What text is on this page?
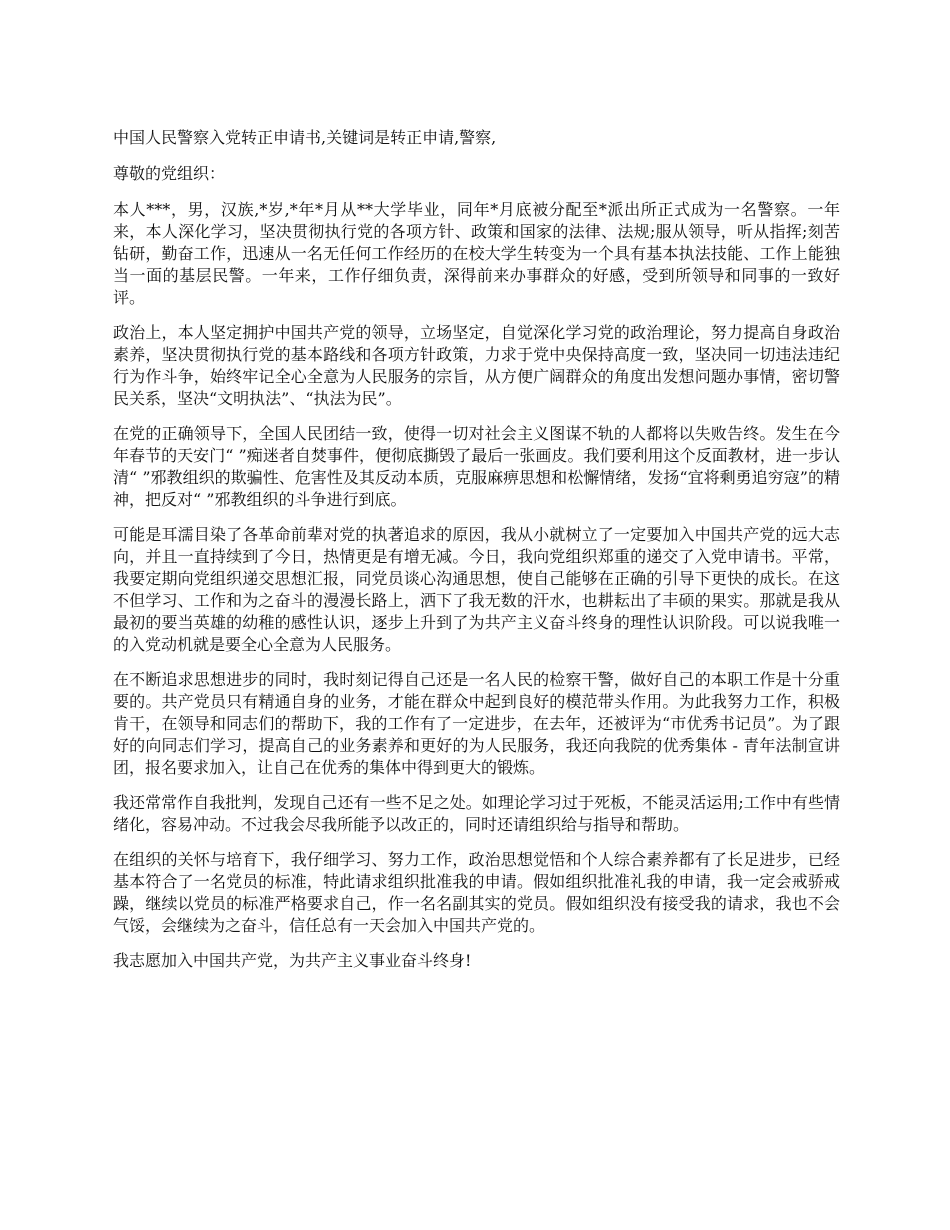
中国人民警察入党转正申请书,关键词是转正申请,警察,

尊敬的党组织：

本人***，男，汉族,*岁,*年*月从**大学毕业，同年*月底被分配至*派出所正式成为一名警察。一年来，本人深化学习，坚决贯彻执行党的各项方针、政策和国家的法律、法规;服从领导，听从指挥;刻苦钻研，勤奋工作，迅速从一名无任何工作经历的在校大学生转变为一个具有基本执法技能、工作上能独当一面的基层民警。一年来，工作仔细负责，深得前来办事群众的好感，受到所领导和同事的一致好评。

政治上，本人坚定拥护中国共产党的领导，立场坚定，自觉深化学习党的政治理论，努力提高自身政治素养，坚决贯彻执行党的基本路线和各项方针政策，力求于党中央保持高度一致，坚决同一切违法违纪行为作斗争，始终牢记全心全意为人民服务的宗旨，从方便广阔群众的角度出发想问题办事情，密切警民关系，坚决“文明执法”、“执法为民”。

在党的正确领导下，全国人民团结一致，使得一切对社会主义图谋不轨的人都将以失败告终。发生在今年春节的天安门“ ”痴迷者自焚事件，便彻底撕毁了最后一张画皮。我们要利用这个反面教材，进一步认清“ ”邪教组织的欺骗性、危害性及其反动本质，克服麻痹思想和松懈情绪，发扬“宜将剩勇追穷寇”的精神，把反对“ ”邪教组织的斗争进行到底。

可能是耳濡目染了各革命前辈对党的执著追求的原因，我从小就树立了一定要加入中国共产党的远大志向，并且一直持续到了今日，热情更是有增无减。今日，我向党组织郑重的递交了入党申请书。平常，我要定期向党组织递交思想汇报，同党员谈心沟通思想，使自己能够在正确的引导下更快的成长。在这不但学习、工作和为之奋斗的漫漫长路上，洒下了我无数的汗水，也耕耘出了丰硕的果实。那就是我从最初的要当英雄的幼稚的感性认识，逐步上升到了为共产主义奋斗终身的理性认识阶段。可以说我唯一的入党动机就是要全心全意为人民服务。

在不断追求思想进步的同时，我时刻记得自己还是一名人民的检察干警，做好自己的本职工作是十分重要的。共产党员只有精通自身的业务，才能在群众中起到良好的模范带头作用。为此我努力工作，积极肯干，在领导和同志们的帮助下，我的工作有了一定进步，在去年，还被评为“市优秀书记员”。为了跟好的向同志们学习，提高自己的业务素养和更好的为人民服务，我还向我院的优秀集体 - 青年法制宣讲团，报名要求加入，让自己在优秀的集体中得到更大的锻炼。

我还常常作自我批判，发现自己还有一些不足之处。如理论学习过于死板，不能灵活运用;工作中有些情绪化，容易冲动。不过我会尽我所能予以改正的，同时还请组织给与指导和帮助。

在组织的关怀与培育下，我仔细学习、努力工作，政治思想觉悟和个人综合素养都有了长足进步，已经基本符合了一名党员的标准，特此请求组织批准我的申请。假如组织批准礼我的申请，我一定会戒骄戒躁，继续以党员的标准严格要求自己，作一名名副其实的党员。假如组织没有接受我的请求，我也不会气馁，会继续为之奋斗，信任总有一天会加入中国共产党的。

我志愿加入中国共产党，为共产主义事业奋斗终身!
